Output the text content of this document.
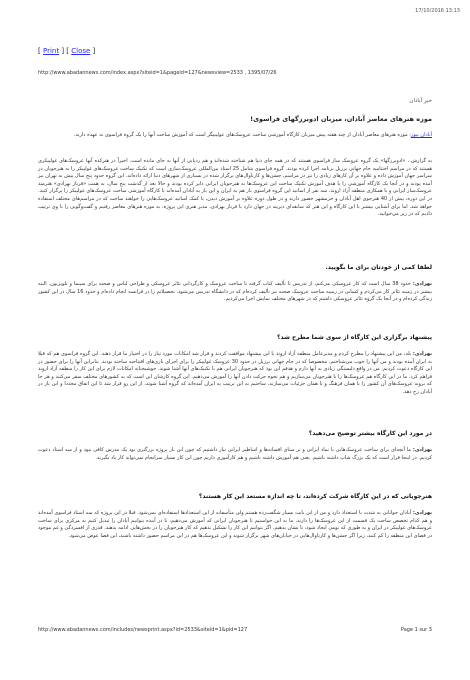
17/10/2016 13:13
[ Print ] [ Close ]
http://www.abadannews.com/index.aspx?siteid=1&pageid=127&newsview=2533 , 1395/07/26
خبر آبادان
موزه هنرهای معاصر آبادان، میزبان ادوبرزگهای فراسوی!
آبادان نیوز: موزه هنرهای معاصر آبادان از چند هفته پیش میزبان کارگاه آموزشی ساخت عروسک‌های عولیبیگر است که آموزش ساخت آنها را یک گروه فراسوی به عهده دارند.
به گزارش ، «ادوبرزگها» یک گروه عروسک ساز فراسوی هستند که در همه جای دنیا هم شناخته شده‌اند و هم ردپایی از آنها به جای مانده است. اخیراً در هنرکده آنها عروسک‌های غولپیکری هستند که در مراسم اختتامیه جام جهانی برزیل برنامه اجرا کرده بودند. گروه فراسوی شامل 25 استاد بین‌المللی عروسک‌سازی است که تکنیک ساخت عروسک‌های غولپیکر را به هنرجویان در سراسر جهان آموزش داده و علاوه بر آن کارهای زیادی را نیز در مراسم، جشن‌ها و کارناوال‌های برگزار شده در بسیاری از شهرهای دنیا ارائه داده‌اند. این گروه حدود پنج سال پیش به تهران نیز آمده بودند و در آنجا یک کارگاه آموزشی را با هدف آموزش تکنیک ساخت این عروسک‌ها به هنرجویان ایرانی دایر کرده بودند و حالا بعد از گذشت پنج سال، به همت «فرناز بهزادی» هنرمند عروسک‌ساز ایرانی و با همکاری منطقه آزاد اروند، سه نفر از اساتید این گروه فراسوی باز هم به ایران و این بار به آبادان آمده‌اند تا کارگاه آموزشی ساخت عروسک‌های غولپیکر را برگزار کنند. در این دوره، بیش از 40 هنرجوی اهل آبادان و خرمشهر حضور دارند و در طول دوره علاوه بر آموزش دیدن، با کمک اساتید عروسک‌هایی را خواهند ساخت که در مراسم‌های مختلف استفاده خواهد شد. اما برای آشنایی بیشتر با این کارگاه و این هنر که سابقه‌ای دیرینه در جهان دارد با فرناز بهزادی، مدیر هنری این پروژه، به موزه هنرهای معاصر رفتیم و گفت‌وگویی را با وی ترتیب دادیم که در زیر می‌خوانید.
لطفا کمی از خودتان برای ما بگویید.
بهزادی: حدود 38 سال است که کار عروسکی می‌کنم، از تدریس تا تألیف کتاب گرفته تا ساخت عروسک و کارگردانی تئاتر عروسکی و طراحی لباس و صحنه برای سینما و تلویزیون. البته بیشتر در زمینه تئاتر کار می‌کردم و کسانی در زمینه ساخت عروسک صحنه نیز تألیف کرده‌ام که در دانشگاه تدریس می‌شود. تحصیلاتم را در فرانسه انجام داده‌ام و حدود 16 سال در این کشور زندگی کرده‌ام و در آنجا یک گروه تئاتر عروسکی داشتم که در شهرهای مختلف نمایش اجرا می‌کردیم.
پیشنهاد برگزاری این کارگاه از سوی شما مطرح شد؟
بهزادی: بله، من این پیشنهاد را مطرح کردم و مدیرعامل منطقه آزاد اروند با این پیشنهاد موافقت کردند و قرار شد امکانات مورد نیاز را در اختیار ما قرار دهند. این گروه فراسوی هم که قبلا به ایران آمده بودند و من آنها را خوب می‌شناختم، مخصوصا که در جام جهانی برزیل در حدود 30 عروسک غولپیکر را برای اجرای بازی‌های افتتاحیه ساخته بودند. بنابراین آنها را برای حضور در این کارگاه دعوت کردیم. من در واقع دلبستگی زیادی به آنها دارم و هدفم این بود که هنرجویان ایرانی هم با تکنیک‌های آنها آشنا شوند. خوشبختانه امکانات لازم برای این کار را منطقه آزاد اروند فراهم کرد. ما در این کارگاه هم عروسک‌ها را با هنرجویان می‌سازیم و هم نحوه حرکت دادن آنها را آموزش می‌دهیم. این گروه کارشان این است که به کشورهای مختلف سفر می‌کنند و هر جا که بروند عروسک‌های آن کشور را با همان فرهنگ و با همان جزئیات می‌سازند، ساختیم به این ترتیب به ایران آمده‌اند که گروه آشنا شوند، از این رو قرار شد تا این اتفاق مجددا و این بار در آبادان رخ دهد.
در مورد این کارگاه بیشتر توضیح می‌دهید؟
بهزادی: ما آنچه‌ای برای ساخت عروسک‌هایی با نماد ایرانی و بر مبنای افسانه‌ها و اساطیر ایرانی نیاز داشتیم که چون این بار پروژه بزرگتری بود یک مدرس کافی نبود و از سه استاد دعوت کردیم. در اینجا قرار است که یک بزرگ شاپ داشته باشیم. یعنی هم آموزش داشته باشیم و هم کارآموزی داریم چون این کار بسیار سرانجام نمی‌تواند کار یاد بگیرند.
هنرجویانی که در این کارگاه شرکت کرده‌اند، تا چه اندازه مستعد این کار هستند؟
بهزادی: آبادان جوانانی به شدت با استعداد دارد و من از این بابت بسیار شگفت‌زده هستم ولی متأسفانه از این استعدادها استفاده‌ای نمی‌شود. قبلا در این پروژه که سه استاد فراسوی آمده‌اند و هم کدام تخصص ساخت یک قسمت از این عروسک‌ها را دارند، ما به این خواستیم تا هنرجویان ایرانی که آموزش می‌دهیم، تا در آینده بتوانیم آبادان را تبدیل کنیم به مرکزی برای ساخت عروسک‌های غولپیکر در ایران و به طوری که بومی ایجاد شود، تا نشان بدهیم. اگر بتوانیم این کار را تشکیل بدهیم که کار هنرجویان را در بخش‌هایی ادامه بدهند. قدری از افسردگی و غم موجود در فضای این منطقه را کم کنند، زیرا اگر جشن‌ها و کارناوال‌هایی در خیابان‌های شهر برگزار شوند و این عروسک‌ها هم در این مراسم حضور داشته باشند، این فضا عوض می‌شود.
http://www.abadannews.com/includes/newsprint.aspx?id=2533&siteid=1&pid=127	Page 1 sur 3
